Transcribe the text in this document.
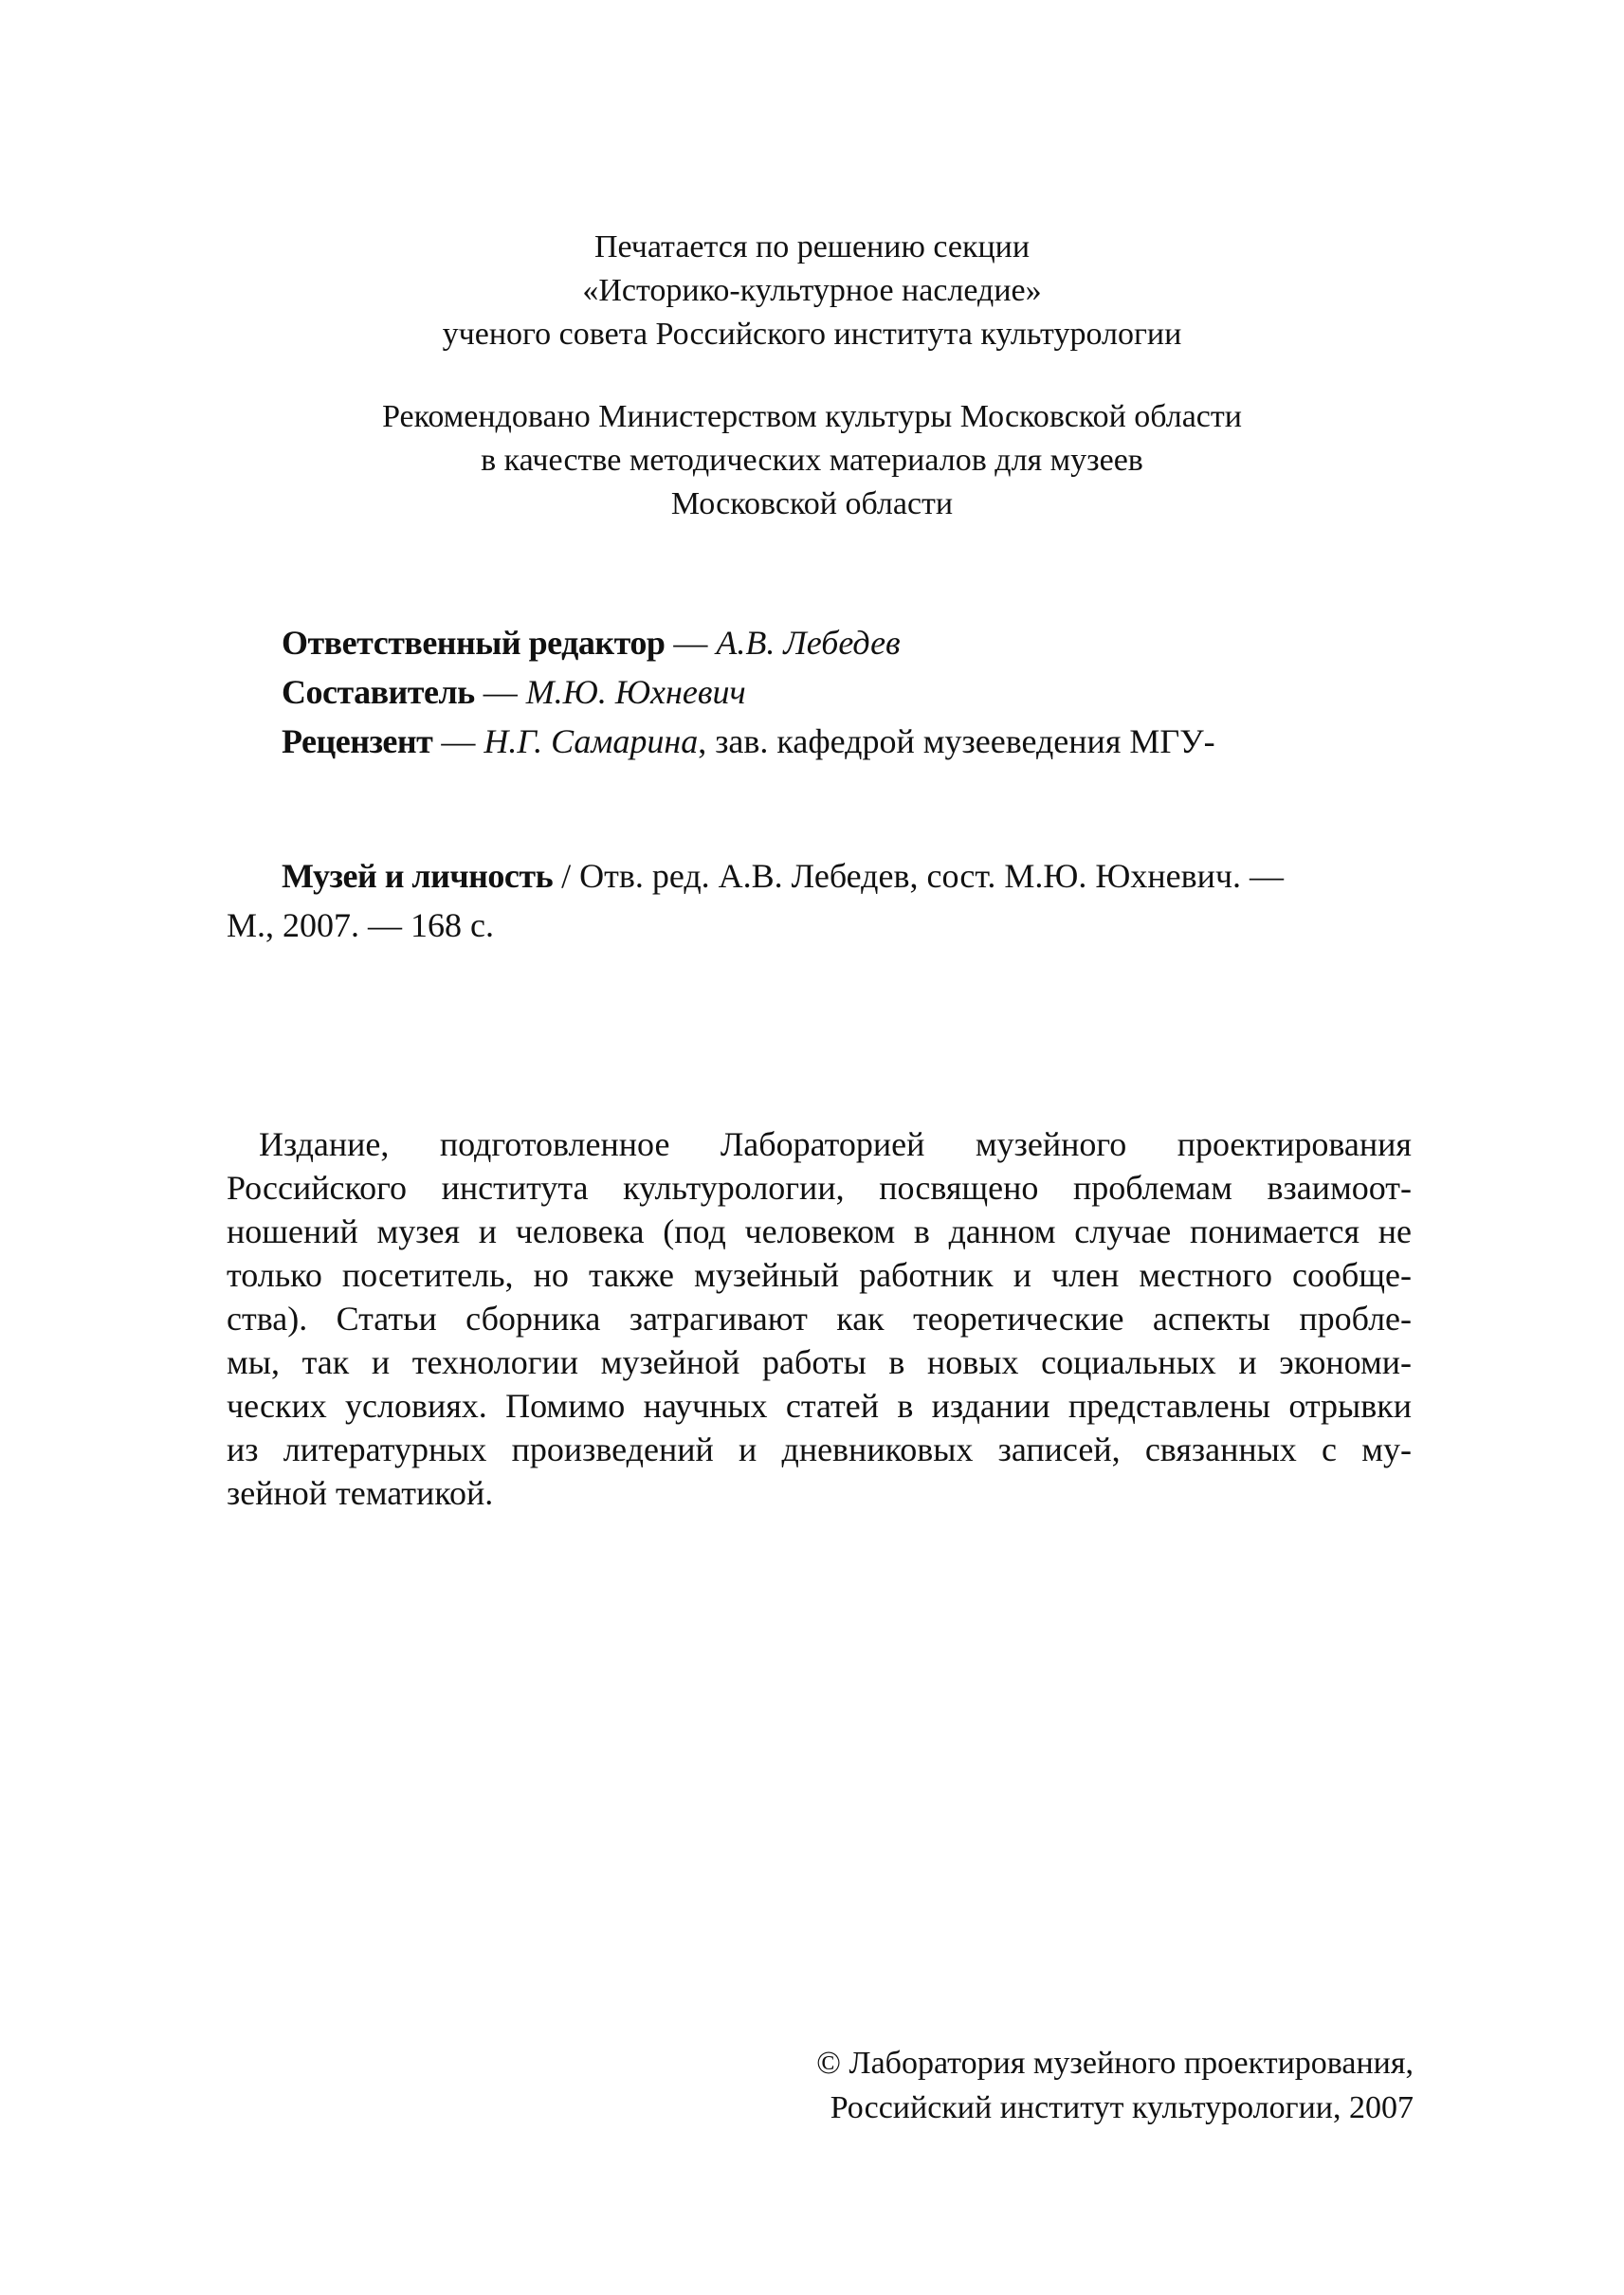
Печатается по решению секции
«Историко-культурное наследие»
ученого совета Российского института культурологии
Рекомендовано Министерством культуры Московской области
в качестве методических материалов для музеев
Московской области
Ответственный редактор — А.В. Лебедев
Составитель — М.Ю. Юхневич
Рецензент — Н.Г. Самарина, зав. кафедрой музееведения МГУ-
Музей и личность / Отв. ред. А.В. Лебедев, сост. М.Ю. Юхневич. —
М., 2007. — 168 с.
Издание, подготовленное Лабораторией музейного проектирования
Российского института культурологии, посвящено проблемам взаимоот-
ношений музея и человека (под человеком в данном случае понимается не
только посетитель, но также музейный работник и член местного сообще-
ства). Статьи сборника затрагивают как теоретические аспекты пробле-
мы, так и технологии музейной работы в новых социальных и экономи-
ческих условиях. Помимо научных статей в издании представлены отрывки
из литературных произведений и дневниковых записей, связанных с му-
зейной тематикой.
© Лаборатория музейного проектирования,
Российский институт культурологии, 2007
